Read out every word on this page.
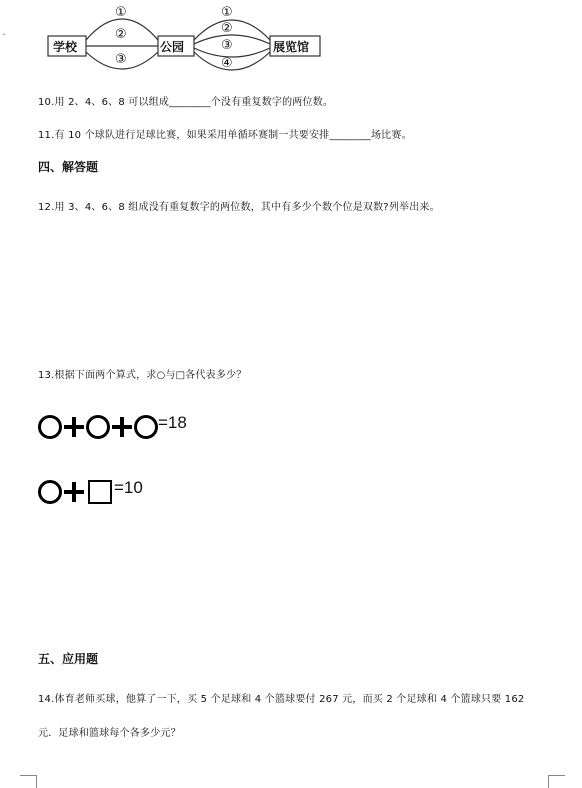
ˇ
学校	公园	展览馆
①
②
③
①
②
③
④
10.用 2、4、6、8 可以组成________个没有重复数字的两位数。
11.有 10 个球队进行足球比赛，如果采用单循环赛制一共要安排________场比赛。
四、解答题
12.用 3、4、6、8 组成没有重复数字的两位数，其中有多少个数个位是双数?列举出来。
13.根据下面两个算式，求○与□各代表多少？
=18
=10
五、应用题
14.体育老师买球，他算了一下，买 5 个足球和 4 个篮球要付 267 元，而买 2 个足球和 4 个篮球只要 162
元．足球和篮球每个各多少元？
